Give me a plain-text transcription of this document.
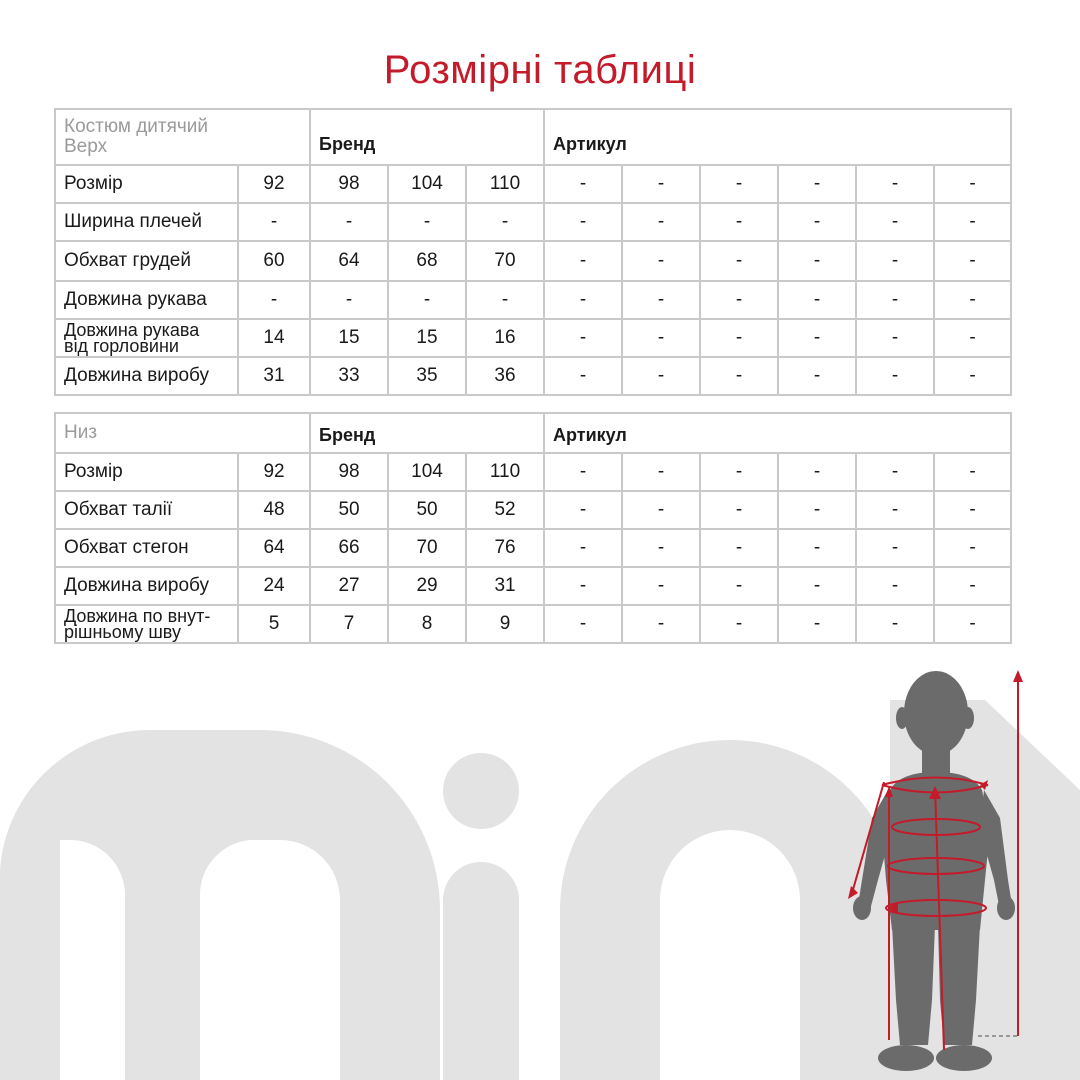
Розмірні таблиці
Костюм дитячий
Верх		Бренд			Артикул					
Розмір	92	98	104	110	-	-	-	-	-	-
Ширина плечей	-	-	-	-	-	-	-	-	-	-
Обхват грудей	60	64	68	70	-	-	-	-	-	-
Довжина рукава	-	-	-	-	-	-	-	-	-	-
Довжина рукава
від горловини	14	15	15	16	-	-	-	-	-	-
Довжина виробу	31	33	35	36	-	-	-	-	-	-
Низ		Бренд			Артикул					
Розмір	92	98	104	110	-	-	-	-	-	-
Обхват талії	48	50	50	52	-	-	-	-	-	-
Обхват стегон	64	66	70	76	-	-	-	-	-	-
Довжина виробу	24	27	29	31	-	-	-	-	-	-
Довжина по внут-
рішньому шву	5	7	8	9	-	-	-	-	-	-
